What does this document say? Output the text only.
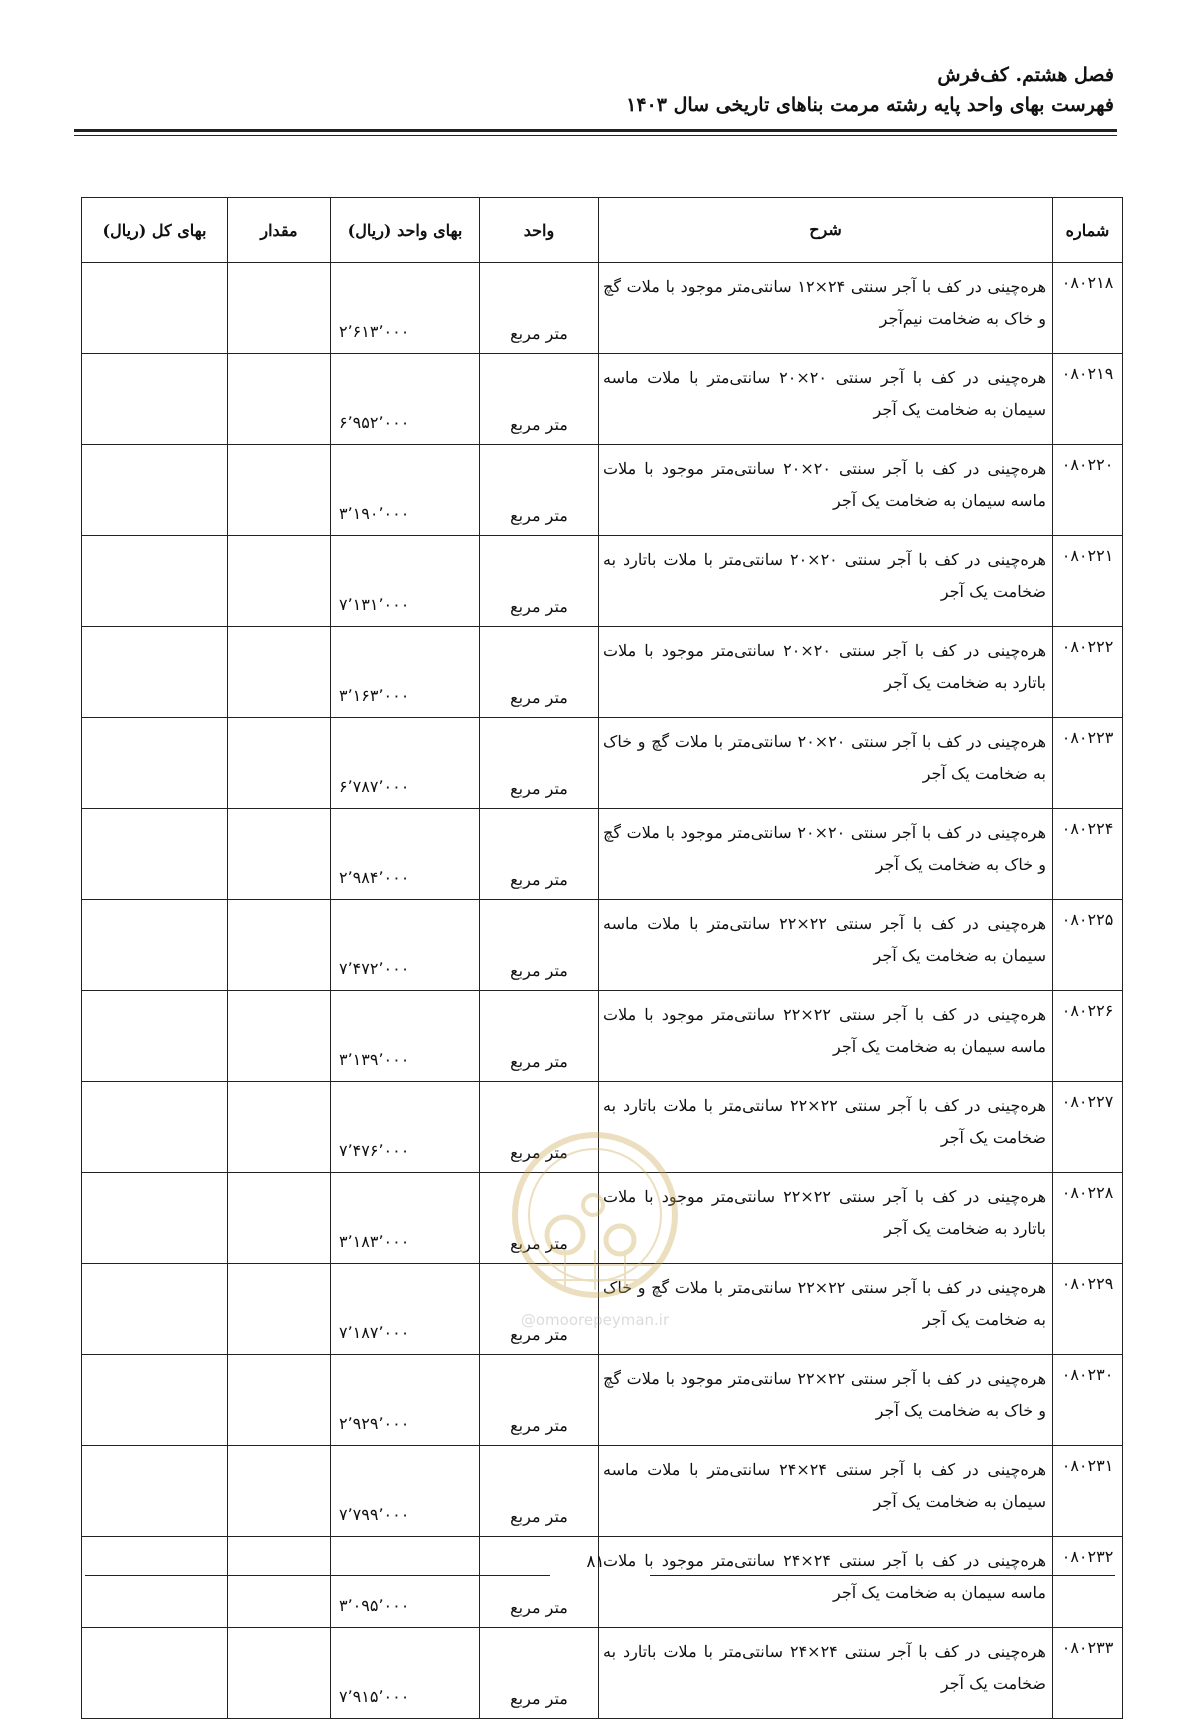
فصل هشتم. کف‌فرش
فهرست بهای واحد پایه رشته مرمت بناهای تاریخی سال ۱۴۰۳
شماره	شرح	واحد	بهای واحد (ریال)	مقدار	بهای کل (ریال)
۰۸۰۲۱۸	هره‌چینی در کف با آجر سنتی ۲۴×۱۲ سانتی‌متر موجود با ملات گچ و خاک به ضخامت نیم‌آجر	متر مربع	۲٬۶۱۳٬۰۰۰		
۰۸۰۲۱۹	هره‌چینی در کف با آجر سنتی ۲۰×۲۰ سانتی‌متر با ملات ماسه سیمان به ضخامت یک آجر	متر مربع	۶٬۹۵۲٬۰۰۰		
۰۸۰۲۲۰	هره‌چینی در کف با آجر سنتی ۲۰×۲۰ سانتی‌متر موجود با ملات ماسه سیمان به ضخامت یک آجر	متر مربع	۳٬۱۹۰٬۰۰۰		
۰۸۰۲۲۱	هره‌چینی در کف با آجر سنتی ۲۰×۲۰ سانتی‌متر با ملات باتارد به ضخامت یک آجر	متر مربع	۷٬۱۳۱٬۰۰۰		
۰۸۰۲۲۲	هره‌چینی در کف با آجر سنتی ۲۰×۲۰ سانتی‌متر موجود با ملات باتارد به ضخامت یک آجر	متر مربع	۳٬۱۶۳٬۰۰۰		
۰۸۰۲۲۳	هره‌چینی در کف با آجر سنتی ۲۰×۲۰ سانتی‌متر با ملات گچ و خاک به ضخامت یک آجر	متر مربع	۶٬۷۸۷٬۰۰۰		
۰۸۰۲۲۴	هره‌چینی در کف با آجر سنتی ۲۰×۲۰ سانتی‌متر موجود با ملات گچ و خاک به ضخامت یک آجر	متر مربع	۲٬۹۸۴٬۰۰۰		
۰۸۰۲۲۵	هره‌چینی در کف با آجر سنتی ۲۲×۲۲ سانتی‌متر با ملات ماسه سیمان به ضخامت یک آجر	متر مربع	۷٬۴۷۲٬۰۰۰		
۰۸۰۲۲۶	هره‌چینی در کف با آجر سنتی ۲۲×۲۲ سانتی‌متر موجود با ملات ماسه سیمان به ضخامت یک آجر	متر مربع	۳٬۱۳۹٬۰۰۰		
۰۸۰۲۲۷	هره‌چینی در کف با آجر سنتی ۲۲×۲۲ سانتی‌متر با ملات باتارد به ضخامت یک آجر	متر مربع	۷٬۴۷۶٬۰۰۰		
۰۸۰۲۲۸	هره‌چینی در کف با آجر سنتی ۲۲×۲۲ سانتی‌متر موجود با ملات باتارد به ضخامت یک آجر	متر مربع	۳٬۱۸۳٬۰۰۰		
۰۸۰۲۲۹	هره‌چینی در کف با آجر سنتی ۲۲×۲۲ سانتی‌متر با ملات گچ و خاک به ضخامت یک آجر	متر مربع	۷٬۱۸۷٬۰۰۰		
۰۸۰۲۳۰	هره‌چینی در کف با آجر سنتی ۲۲×۲۲ سانتی‌متر موجود با ملات گچ و خاک به ضخامت یک آجر	متر مربع	۲٬۹۲۹٬۰۰۰		
۰۸۰۲۳۱	هره‌چینی در کف با آجر سنتی ۲۴×۲۴ سانتی‌متر با ملات ماسه سیمان به ضخامت یک آجر	متر مربع	۷٬۷۹۹٬۰۰۰		
۰۸۰۲۳۲	هره‌چینی در کف با آجر سنتی ۲۴×۲۴ سانتی‌متر موجود با ملات ماسه سیمان به ضخامت یک آجر	متر مربع	۳٬۰۹۵٬۰۰۰		
۰۸۰۲۳۳	هره‌چینی در کف با آجر سنتی ۲۴×۲۴ سانتی‌متر با ملات باتارد به ضخامت یک آجر	متر مربع	۷٬۹۱۵٬۰۰۰		
@omoorepeyman.ir
۸۱
